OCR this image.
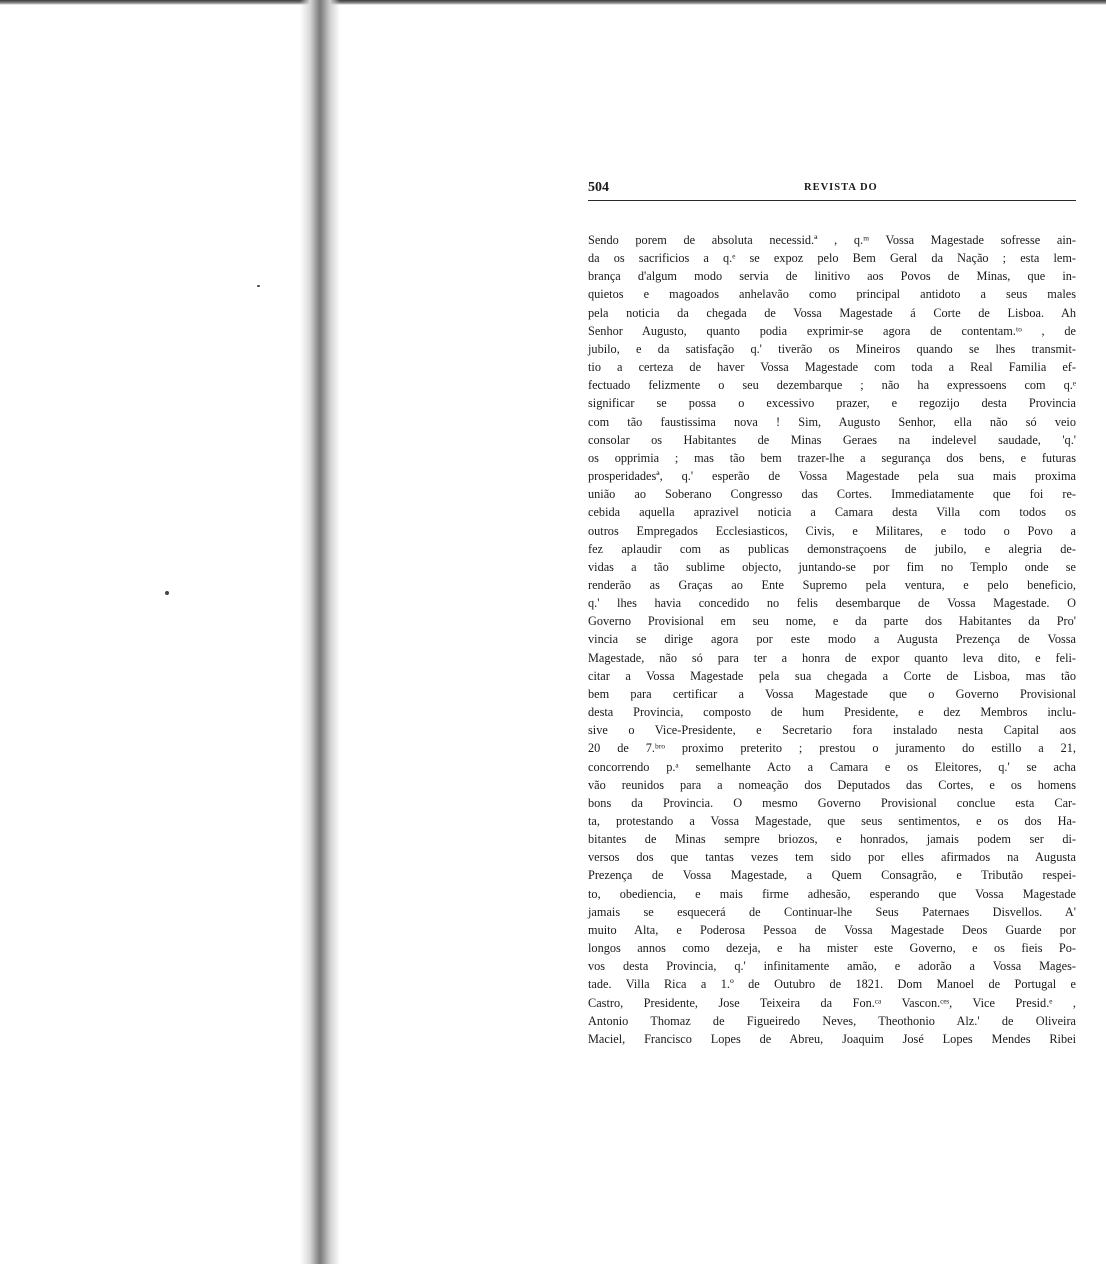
504	REVISTA DO
Sendo porem de absoluta necessid.ª , q.ᵐ Vossa Magestade sofresse ain-
da os sacrificios a q.ᵉ se expoz pelo Bem Geral da Nação ; esta lem-
brança d'algum modo servia de linitivo aos Povos de Minas, que in-
quietos e magoados anhelavão como principal antidoto a seus males
pela noticia da chegada de Vossa Magestade á Corte de Lisboa. Ah
Senhor Augusto, quanto podia exprimir-se agora de contentam.ᵗᵒ , de
jubilo, e da satisfação q.' tiverão os Mineiros quando se lhes transmit-
tio a certeza de haver Vossa Magestade com toda a Real Familia ef-
fectuado felizmente o seu dezembarque ; não ha expressoens com q.ᵉ
significar se possa o excessivo prazer, e regozijo desta Provincia
com tão faustissima nova ! Sim, Augusto Senhor, ella não só veio
consolar os Habitantes de Minas Geraes na indelevel saudade, 'q.'
os opprimia ; mas tão bem trazer-lhe a segurança dos bens, e futuras
prosperidadesª, q.' esperão de Vossa Magestade pela sua mais proxima
união ao Soberano Congresso das Cortes. Immediatamente que foi re-
cebida aquella aprazivel noticia a Camara desta Villa com todos os
outros Empregados Ecclesiasticos, Civis, e Militares, e todo o Povo a
fez aplaudir com as publicas demonstraçoens de jubilo, e alegria de-
vidas a tão sublime objecto, juntando-se por fim no Templo onde se
renderão as Graças ao Ente Supremo pela ventura, e pelo beneficio,
q.' lhes havia concedido no felis desembarque de Vossa Magestade. O
Governo Provisional em seu nome, e da parte dos Habitantes da Pro'
vincia se dirige agora por este modo a Augusta Prezença de Vossa
Magestade, não só para ter a honra de expor quanto leva dito, e feli-
citar a Vossa Magestade pela sua chegada a Corte de Lisboa, mas tão
bem para certificar a Vossa Magestade que o Governo Provisional
desta Provincia, composto de hum Presidente, e dez Membros inclu-
sive o Vice-Presidente, e Secretario fora instalado nesta Capital aos
20 de 7.ᵇʳᵒ proximo preterito ; prestou o juramento do estillo a 21,
concorrendo p.ᵃ semelhante Acto a Camara e os Eleitores, q.' se acha
vão reunidos para a nomeação dos Deputados das Cortes, e os homens
bons da Provincia. O mesmo Governo Provisional conclue esta Car-
ta, protestando a Vossa Magestade, que seus sentimentos, e os dos Ha-
bitantes de Minas sempre briozos, e honrados, jamais podem ser di-
versos dos que tantas vezes tem sido por elles afirmados na Augusta
Prezença de Vossa Magestade, a Quem Consagrão, e Tributão respei-
to, obediencia, e mais firme adhesão, esperando que Vossa Magestade
jamais se esquecerá de Continuar-lhe Seus Paternaes Disvellos. A'
muito Alta, e Poderosa Pessoa de Vossa Magestade Deos Guarde por
longos annos como dezeja, e ha mister este Governo, e os fieis Po-
vos desta Provincia, q.' infinitamente amão, e adorão a Vossa Mages-
tade. Villa Rica a 1.º de Outubro de 1821. Dom Manoel de Portugal e
Castro, Presidente, Jose Teixeira da Fon.ᶜᵃ Vascon.ᶜᵉˢ, Vice Presid.ᵉ ,
Antonio Thomaz de Figueiredo Neves, Theothonio Alz.' de Oliveira
Maciel, Francisco Lopes de Abreu, Joaquim José Lopes Mendes Ribei
